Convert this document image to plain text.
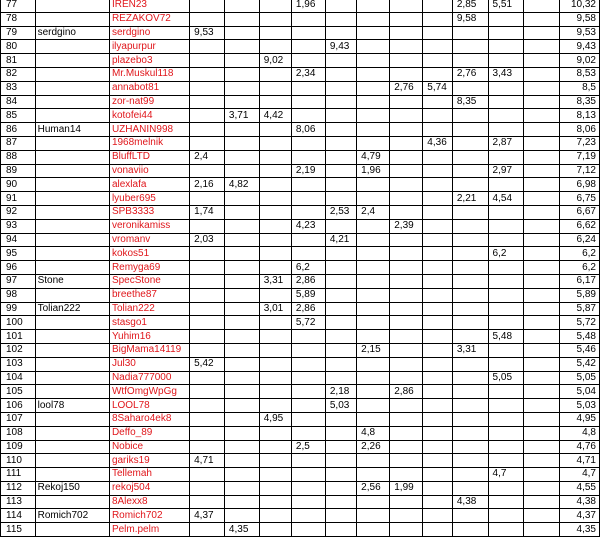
77		IREN23				1,96					2,85	5,51		10,32
78		REZAKOV72									9,58			9,58
79	serdgino	serdgino	9,53											9,53
80		ilyapurpur					9,43							9,43
81		plazebo3			9,02									9,02
82		Mr.Muskul118				2,34					2,76	3,43		8,53
83		annabot81							2,76	5,74				8,5
84		zor-nat99									8,35			8,35
85		kotofei44		3,71	4,42									8,13
86	Human14	UZHANIN998				8,06								8,06
87		1968melnik								4,36		2,87		7,23
88		BluffLTD	2,4					4,79						7,19
89		vonaviio				2,19		1,96				2,97		7,12
90		alexlafa	2,16	4,82										6,98
91		lyuber695									2,21	4,54		6,75
92		SPB3333	1,74				2,53	2,4						6,67
93		veronikamiss				4,23			2,39					6,62
94		vromanv	2,03				4,21							6,24
95		kokos51										6,2		6,2
96		Remyga69				6,2								6,2
97	Stone	SpecStone			3,31	2,86								6,17
98		breethe87				5,89								5,89
99	Tolian222	Tolian222			3,01	2,86								5,87
100		stasgo1				5,72								5,72
101		Yuhim16										5,48		5,48
102		BigMama14119						2,15			3,31			5,46
103		Jul30	5,42											5,42
104		Nadia777000										5,05		5,05
105		WtfOmgWpGg					2,18		2,86					5,04
106	lool78	LOOL78					5,03							5,03
107		8Saharo4ek8			4,95									4,95
108		Deffo_89						4,8						4,8
109		Nobice				2,5		2,26						4,76
110		gariks19	4,71											4,71
111		Tellemah										4,7		4,7
112	Rekoj150	rekoj504						2,56	1,99					4,55
113		8Alexx8									4,38			4,38
114	Romich702	Romich702	4,37											4,37
115		Pelm.pelm		4,35										4,35
